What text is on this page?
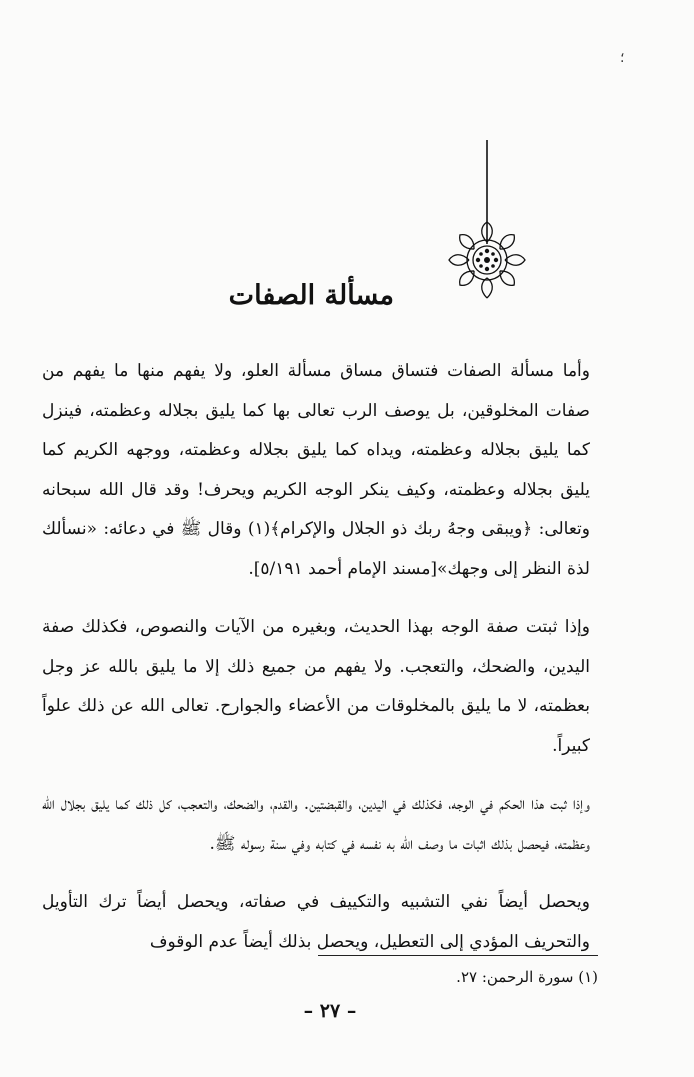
؛
مسألة الصفات

وأما مسألة الصفات فتساق مساق مسألة العلو، ولا يفهم منها ما يفهم من صفات المخلوقين، بل يوصف الرب تعالى بها كما يليق بجلاله وعظمته، فينزل كما يليق بجلاله وعظمته، ويداه كما يليق بجلاله وعظمته، ووجهه الكريم كما يليق بجلاله وعظمته، وكيف ينكر الوجه الكريم ويحرف! وقد قال الله سبحانه وتعالى: ﴿ويبقى وجهُ ربك ذو الجلال والإكرام﴾(١) وقال ﷺ في دعائه: «نسألك لذة النظر إلى وجهك»[مسند الإمام أحمد ٥/١٩١].

وإذا ثبتت صفة الوجه بهذا الحديث، وبغيره من الآيات والنصوص، فكذلك صفة اليدين، والضحك، والتعجب. ولا يفهم من جميع ذلك إلا ما يليق بالله عز وجل بعظمته، لا ما يليق بالمخلوقات من الأعضاء والجوارح. تعالى الله عن ذلك علواً كبيراً.

وإذا ثبت هذا الحكم في الوجه، فكذلك في اليدين، والقبضتين. والقدم، والضحك، والتعجب، كل ذلك كما يليق بجلال الله وعظمته، فيحصل بذلك اثبات ما وصف الله به نفسه في كتابه وفي سنة رسوله ﷺ.

ويحصل أيضاً نفي التشبيه والتكييف في صفاته، ويحصل أيضاً ترك التأويل والتحريف المؤدي إلى التعطيل، ويحصل بذلك أيضاً عدم الوقوف

(١) سورة الرحمن: ٢٧.
– ٢٧ –
